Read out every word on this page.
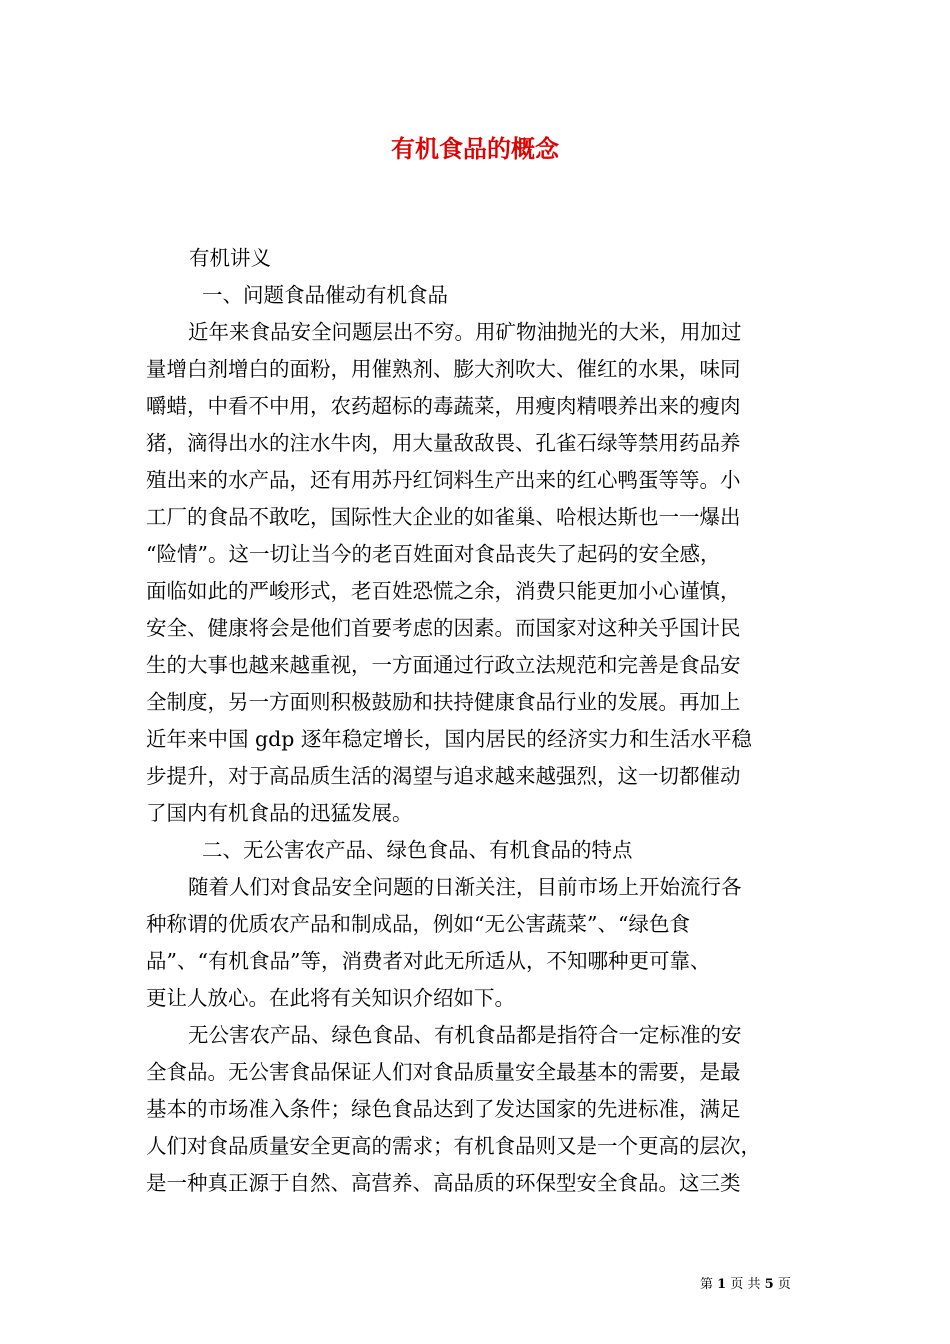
有机食品的概念
有机讲义
一、问题食品催动有机食品
近年来食品安全问题层出不穷。用矿物油抛光的大米，用加过
量增白剂增白的面粉，用催熟剂、膨大剂吹大、催红的水果，味同
嚼蜡，中看不中用，农药超标的毒蔬菜，用瘦肉精喂养出来的瘦肉
猪，滴得出水的注水牛肉，用大量敌敌畏、孔雀石绿等禁用药品养
殖出来的水产品，还有用苏丹红饲料生产出来的红心鸭蛋等等。小
工厂的食品不敢吃，国际性大企业的如雀巢、哈根达斯也一一爆出
“险情”。这一切让当今的老百姓面对食品丧失了起码的安全感，
面临如此的严峻形式，老百姓恐慌之余，消费只能更加小心谨慎，
安全、健康将会是他们首要考虑的因素。而国家对这种关乎国计民
生的大事也越来越重视，一方面通过行政立法规范和完善是食品安
全制度，另一方面则积极鼓励和扶持健康食品行业的发展。再加上
近年来中国 gdp 逐年稳定增长，国内居民的经济实力和生活水平稳
步提升，对于高品质生活的渴望与追求越来越强烈，这一切都催动
了国内有机食品的迅猛发展。
二、无公害农产品、绿色食品、有机食品的特点
随着人们对食品安全问题的日渐关注，目前市场上开始流行各
种称谓的优质农产品和制成品，例如“无公害蔬菜”、“绿色食
品”、“有机食品”等，消费者对此无所适从，不知哪种更可靠、
更让人放心。在此将有关知识介绍如下。
无公害农产品、绿色食品、有机食品都是指符合一定标准的安
全食品。无公害食品保证人们对食品质量安全最基本的需要，是最
基本的市场准入条件；绿色食品达到了发达国家的先进标准，满足
人们对食品质量安全更高的需求；有机食品则又是一个更高的层次，
是一种真正源于自然、高营养、高品质的环保型安全食品。这三类
第 1 页 共 5 页
